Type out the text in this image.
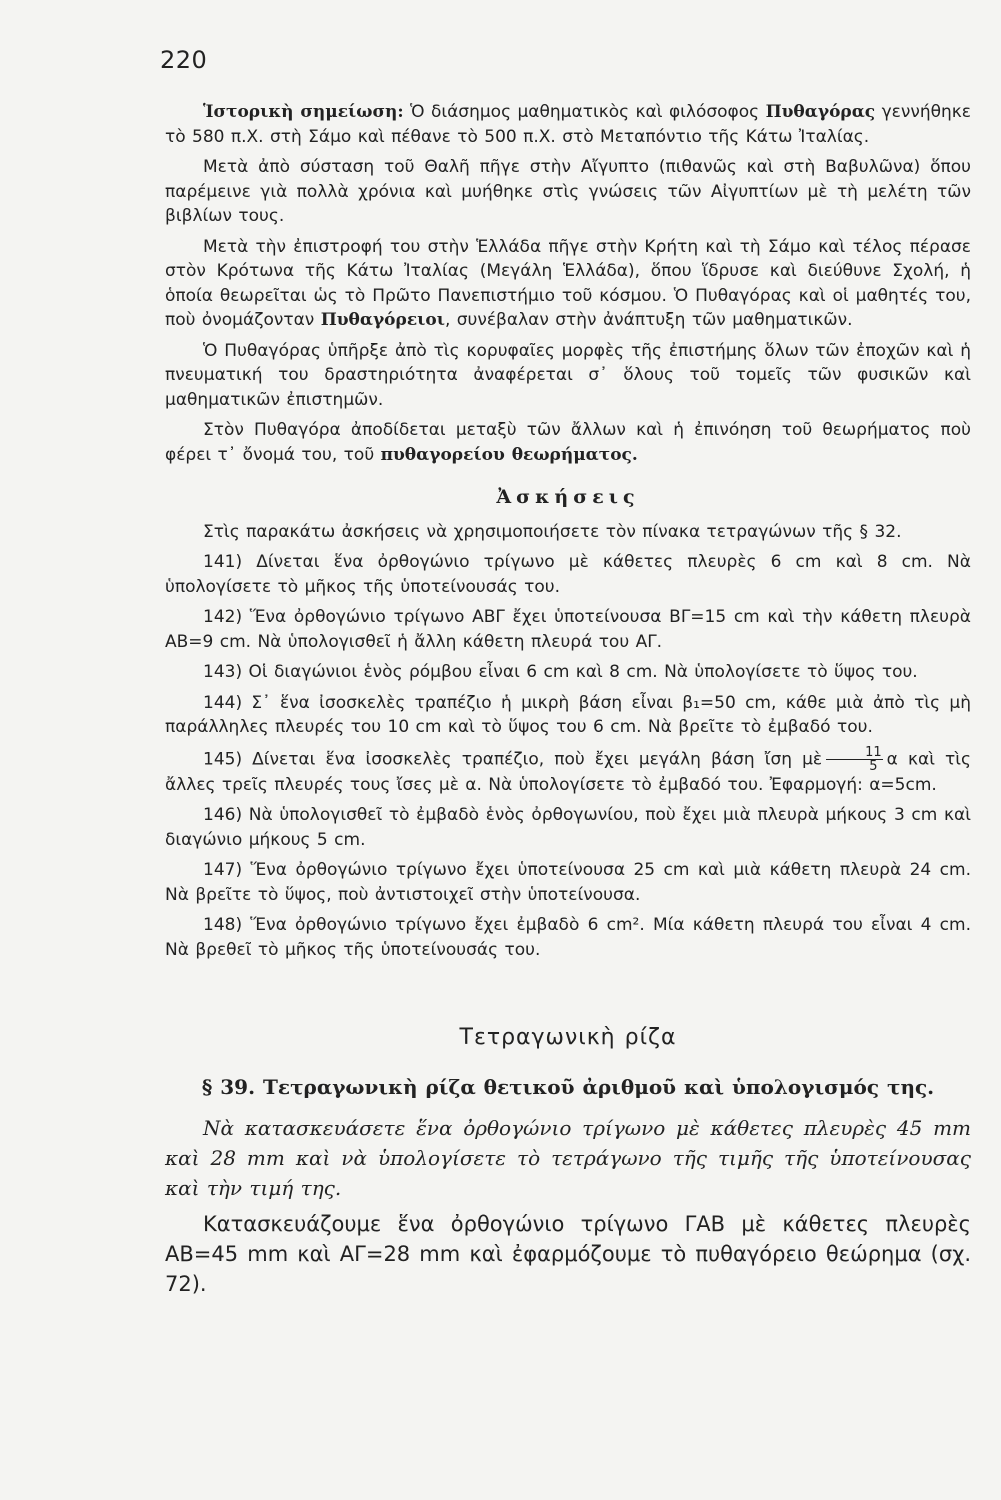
220

Ἱστορικὴ σημείωση: Ὁ διάσημος μαθηματικὸς καὶ φιλόσοφος Πυθαγόρας γεννήθηκε τὸ 580 π.Χ. στὴ Σάμο καὶ πέθανε τὸ 500 π.Χ. στὸ Μεταπόντιο τῆς Κάτω Ἰταλίας.

Μετὰ ἀπὸ σύσταση τοῦ Θαλῆ πῆγε στὴν Αἴγυπτο (πιθανῶς καὶ στὴ Βαβυλῶνα) ὅπου παρέμεινε γιὰ πολλὰ χρόνια καὶ μυήθηκε στὶς γνώσεις τῶν Αἰγυπτίων μὲ τὴ μελέτη τῶν βιβλίων τους.

Μετὰ τὴν ἐπιστροφή του στὴν Ἑλλάδα πῆγε στὴν Κρήτη καὶ τὴ Σάμο καὶ τέλος πέρασε στὸν Κρότωνα τῆς Κάτω Ἰταλίας (Μεγάλη Ἑλλάδα), ὅπου ἵδρυσε καὶ διεύθυνε Σχολή, ἡ ὁποία θεωρεῖται ὡς τὸ Πρῶτο Πανεπιστήμιο τοῦ κόσμου. Ὁ Πυθαγόρας καὶ οἱ μαθητές του, ποὺ ὀνομάζονταν Πυθαγόρειοι, συνέβαλαν στὴν ἀνάπτυξη τῶν μαθηματικῶν.

Ὁ Πυθαγόρας ὑπῆρξε ἀπὸ τὶς κορυφαῖες μορφὲς τῆς ἐπιστήμης ὅλων τῶν ἐποχῶν καὶ ἡ πνευματική του δραστηριότητα ἀναφέρεται σ᾽ ὅλους τοῦ τομεῖς τῶν φυσικῶν καὶ μαθηματικῶν ἐπιστημῶν.

Στὸν Πυθαγόρα ἀποδίδεται μεταξὺ τῶν ἄλλων καὶ ἡ ἐπινόηση τοῦ θεωρήματος ποὺ φέρει τ᾽ ὄνομά του, τοῦ πυθαγορείου θεωρήματος.

Ἀσκήσεις

Στὶς παρακάτω ἀσκήσεις νὰ χρησιμοποιήσετε τὸν πίνακα τετραγώνων τῆς § 32.

141) Δίνεται ἕνα ὀρθογώνιο τρίγωνο μὲ κάθετες πλευρὲς 6 cm καὶ 8 cm. Νὰ ὑπολογίσετε τὸ μῆκος τῆς ὑποτείνουσάς του.

142) Ἕνα ὀρθογώνιο τρίγωνο ΑΒΓ ἔχει ὑποτείνουσα ΒΓ=15 cm καὶ τὴν κάθετη πλευρὰ ΑΒ=9 cm. Νὰ ὑπολογισθεῖ ἡ ἄλλη κάθετη πλευρά του ΑΓ.

143) Οἱ διαγώνιοι ἑνὸς ρόμβου εἶναι 6 cm καὶ 8 cm. Νὰ ὑπολογίσετε τὸ ὕψος του.

144) Σ᾽ ἕνα ἰσοσκελὲς τραπέζιο ἡ μικρὴ βάση εἶναι β₁=50 cm, κάθε μιὰ ἀπὸ τὶς μὴ παράλληλες πλευρές του 10 cm καὶ τὸ ὕψος του 6 cm. Νὰ βρεῖτε τὸ ἐμβαδό του.

145) Δίνεται ἕνα ἰσοσκελὲς τραπέζιο, ποὺ ἔχει μεγάλη βάση ἴση μὲ $\frac{11}{5}$ α καὶ τὶς ἄλλες τρεῖς πλευρές τους ἴσες μὲ α. Νὰ ὑπολογίσετε τὸ ἐμβαδό του. Ἐφαρμογή: α=5cm.

146) Νὰ ὑπολογισθεῖ τὸ ἐμβαδὸ ἑνὸς ὀρθογωνίου, ποὺ ἔχει μιὰ πλευρὰ μήκους 3 cm καὶ διαγώνιο μήκους 5 cm.

147) Ἕνα ὀρθογώνιο τρίγωνο ἔχει ὑποτείνουσα 25 cm καὶ μιὰ κάθετη πλευρὰ 24 cm. Νὰ βρεῖτε τὸ ὕψος, ποὺ ἀντιστοιχεῖ στὴν ὑποτείνουσα.

148) Ἕνα ὀρθογώνιο τρίγωνο ἔχει ἐμβαδὸ 6 cm². Μία κάθετη πλευρά του εἶναι 4 cm. Νὰ βρεθεῖ τὸ μῆκος τῆς ὑποτείνουσάς του.

Τετραγωνικὴ ρίζα
§ 39. Τετραγωνικὴ ρίζα θετικοῦ ἀριθμοῦ καὶ ὑπολογισμός της.

Νὰ κατασκευάσετε ἕνα ὀρθογώνιο τρίγωνο μὲ κάθετες πλευρὲς 45 mm καὶ 28 mm καὶ νὰ ὑπολογίσετε τὸ τετράγωνο τῆς τιμῆς τῆς ὑποτείνουσας καὶ τὴν τιμή της.

Κατασκευάζουμε ἕνα ὀρθογώνιο τρίγωνο ΓΑΒ μὲ κάθετες πλευρὲς ΑΒ=45 mm καὶ ΑΓ=28 mm καὶ ἐφαρμόζουμε τὸ πυθαγόρειο θεώρημα (σχ. 72).
